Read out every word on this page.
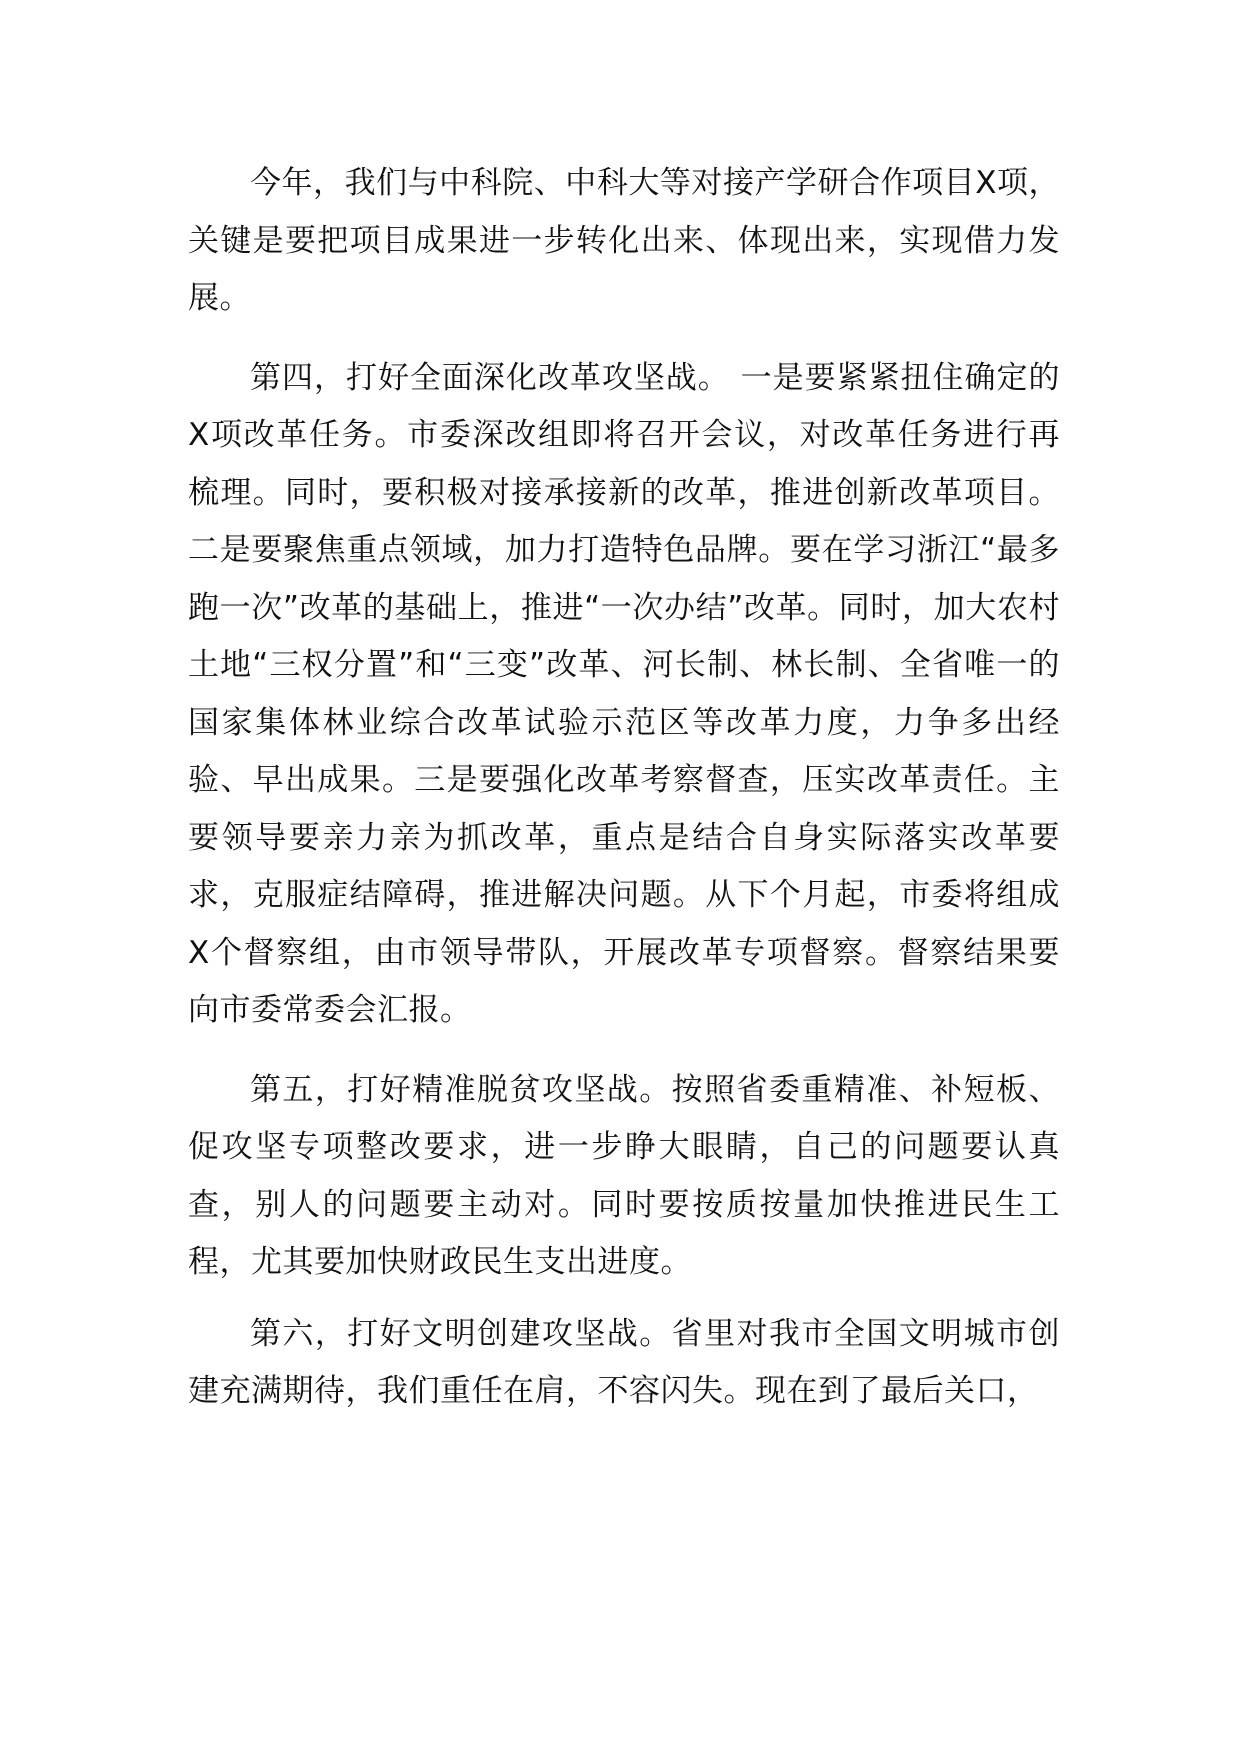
今年，我们与中科院、中科大等对接产学研合作项目X项，关键是要把项目成果进一步转化出来、体现出来，实现借力发展。

第四，打好全面深化改革攻坚战。 一是要紧紧扭住确定的X项改革任务。市委深改组即将召开会议，对改革任务进行再梳理。同时，要积极对接承接新的改革，推进创新改革项目。二是要聚焦重点领域，加力打造特色品牌。要在学习浙江“最多跑一次”改革的基础上，推进“一次办结”改革。同时，加大农村土地“三权分置”和“三变”改革、河长制、林长制、全省唯一的国家集体林业综合改革试验示范区等改革力度，力争多出经验、早出成果。三是要强化改革考察督查，压实改革责任。主要领导要亲力亲为抓改革，重点是结合自身实际落实改革要求，克服症结障碍，推进解决问题。从下个月起，市委将组成X个督察组，由市领导带队，开展改革专项督察。督察结果要向市委常委会汇报。

第五，打好精准脱贫攻坚战。按照省委重精准、补短板、促攻坚专项整改要求，进一步睁大眼睛，自己的问题要认真查，别人的问题要主动对。同时要按质按量加快推进民生工程，尤其要加快财政民生支出进度。

第六，打好文明创建攻坚战。省里对我市全国文明城市创建充满期待，我们重任在肩，不容闪失。现在到了最后关口，
